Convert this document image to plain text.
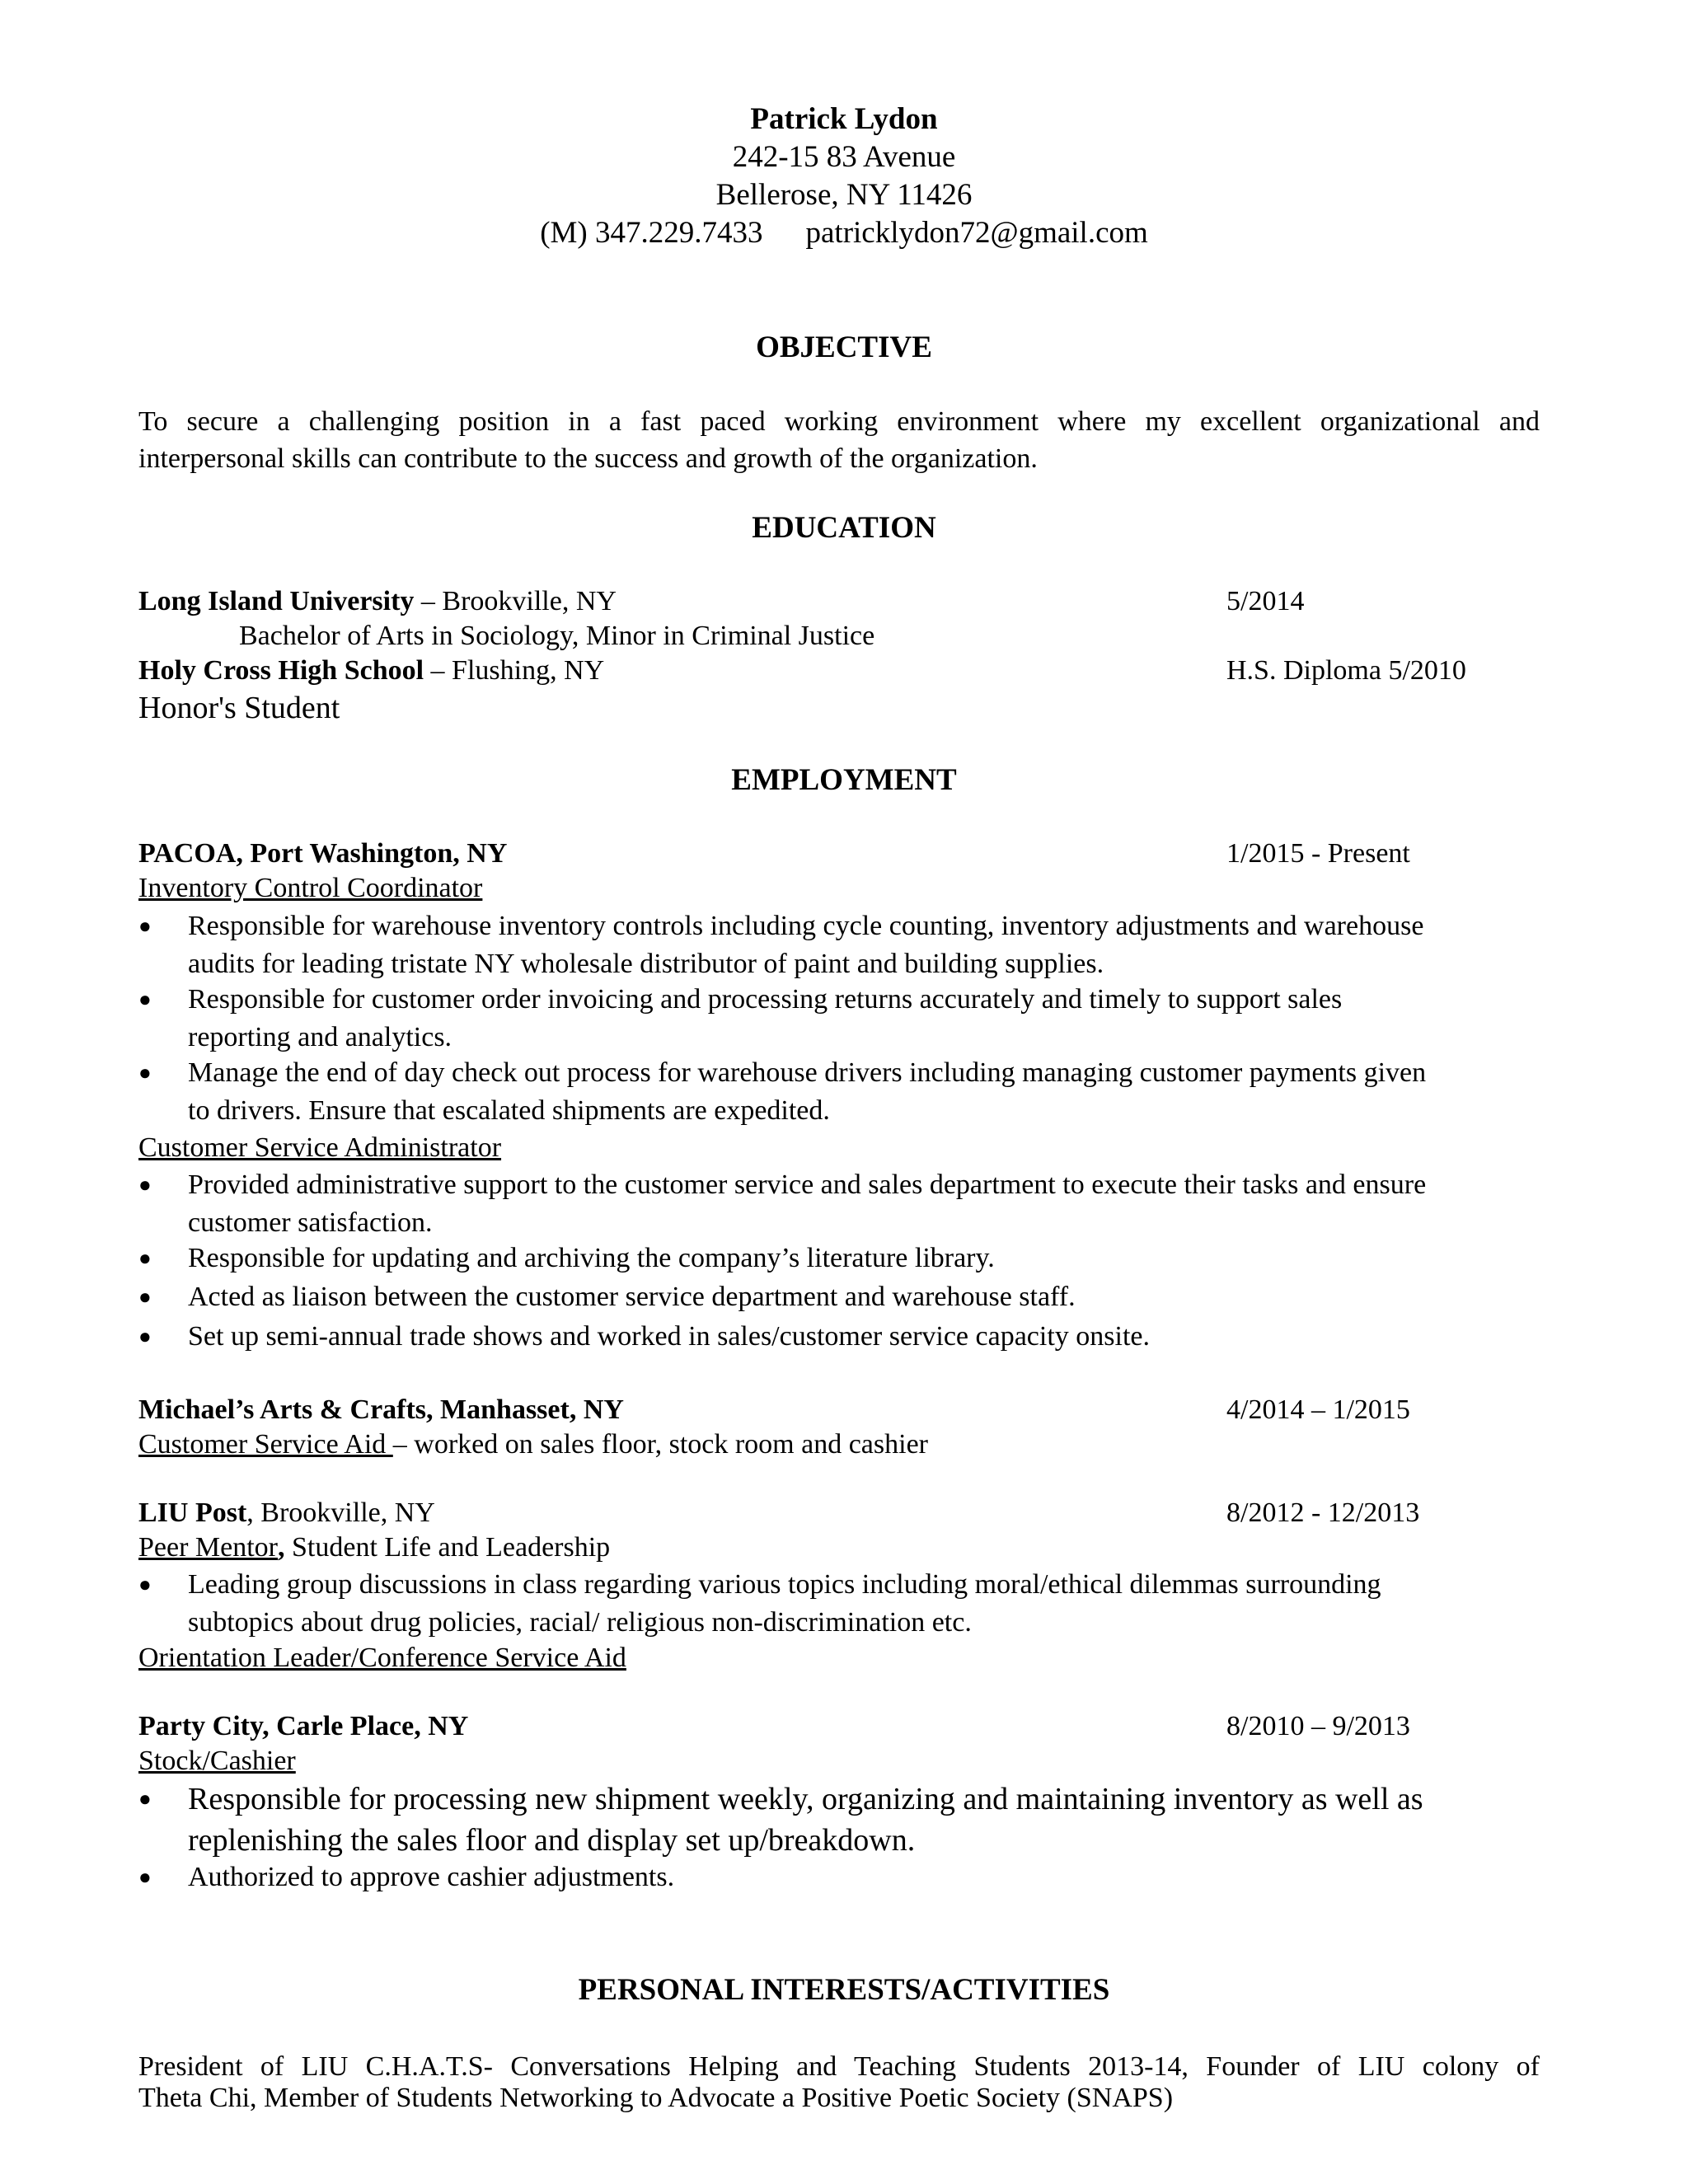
Patrick Lydon
242-15 83 Avenue
Bellerose, NY 11426
(M) 347.229.7433 patricklydon72@gmail.com
OBJECTIVE
To secure a challenging position in a fast paced working environment where my excellent organizational and
interpersonal skills can contribute to the success and growth of the organization.
EDUCATION
Long Island University – Brookville, NY	5/2014
Bachelor of Arts in Sociology, Minor in Criminal Justice
Holy Cross High School – Flushing, NY	H.S. Diploma 5/2010
Honor's Student
EMPLOYMENT
PACOA, Port Washington, NY	1/2015 - Present
Inventory Control Coordinator
● Responsible for warehouse inventory controls including cycle counting, inventory adjustments and warehouse
audits for leading tristate NY wholesale distributor of paint and building supplies.
● Responsible for customer order invoicing and processing returns accurately and timely to support sales
reporting and analytics.
● Manage the end of day check out process for warehouse drivers including managing customer payments given
to drivers. Ensure that escalated shipments are expedited.
Customer Service Administrator
● Provided administrative support to the customer service and sales department to execute their tasks and ensure
customer satisfaction.
● Responsible for updating and archiving the company’s literature library.
● Acted as liaison between the customer service department and warehouse staff.
● Set up semi-annual trade shows and worked in sales/customer service capacity onsite.
Michael’s Arts & Crafts, Manhasset, NY	4/2014 – 1/2015
Customer Service Aid – worked on sales floor, stock room and cashier
LIU Post, Brookville, NY	8/2012 - 12/2013
Peer Mentor, Student Life and Leadership
● Leading group discussions in class regarding various topics including moral/ethical dilemmas surrounding
subtopics about drug policies, racial/ religious non-discrimination etc.
Orientation Leader/Conference Service Aid
Party City, Carle Place, NY	8/2010 – 9/2013
Stock/Cashier
● Responsible for processing new shipment weekly, organizing and maintaining inventory as well as
replenishing the sales floor and display set up/breakdown.
● Authorized to approve cashier adjustments.
PERSONAL INTERESTS/ACTIVITIES
President of LIU C.H.A.T.S- Conversations Helping and Teaching Students 2013-14, Founder of LIU colony of
Theta Chi, Member of Students Networking to Advocate a Positive Poetic Society (SNAPS)
